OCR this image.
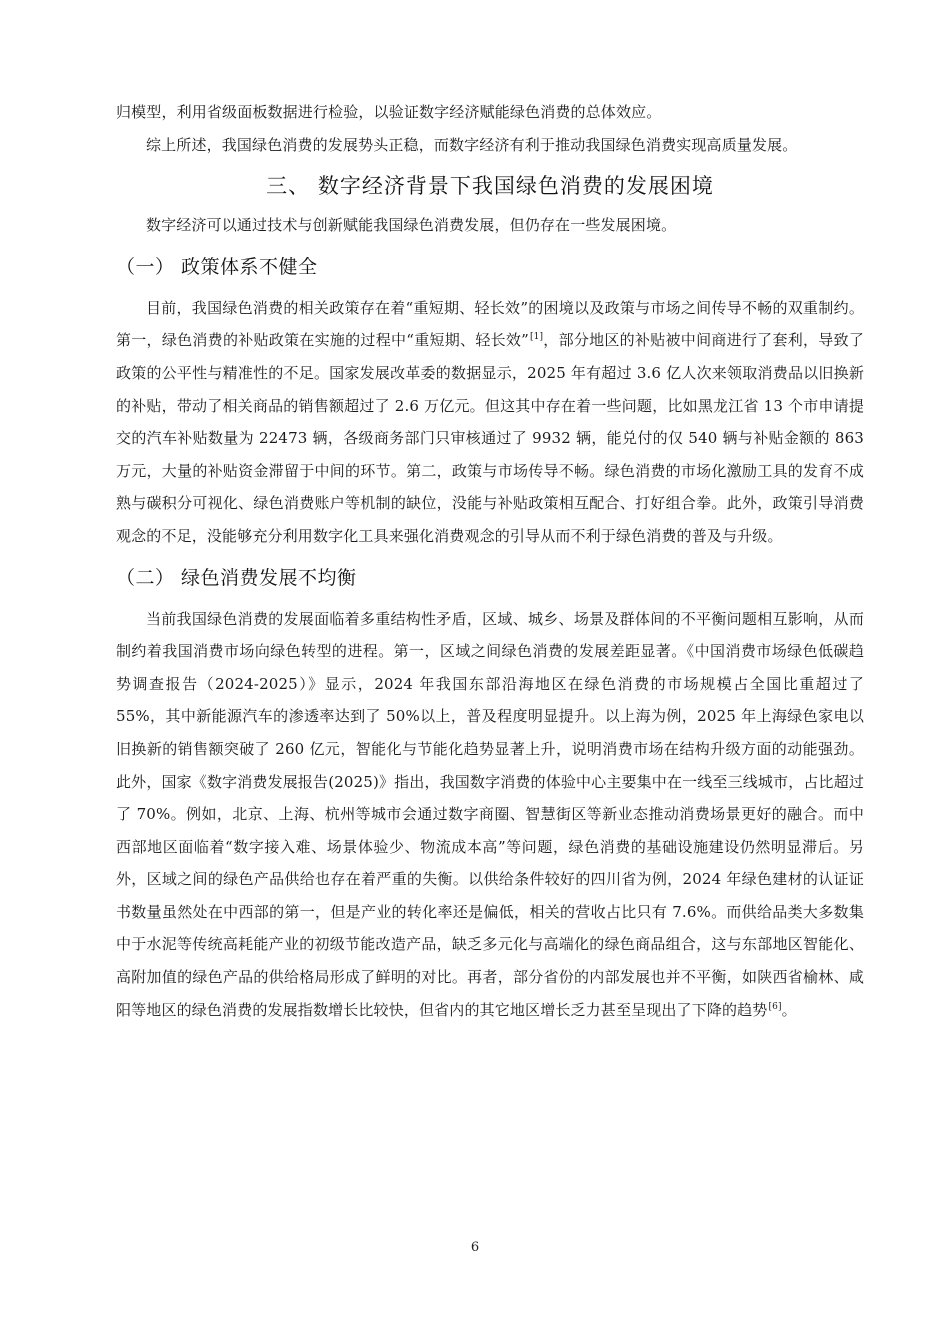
归模型，利用省级面板数据进行检验，以验证数字经济赋能绿色消费的总体效应。

综上所述，我国绿色消费的发展势头正稳，而数字经济有利于推动我国绿色消费实现高质量发展。

三、 数字经济背景下我国绿色消费的发展困境

数字经济可以通过技术与创新赋能我国绿色消费发展，但仍存在一些发展困境。

（一） 政策体系不健全

目前，我国绿色消费的相关政策存在着“重短期、轻长效”的困境以及政策与市场之间传导不畅的双重制约。第一，绿色消费的补贴政策在实施的过程中“重短期、轻长效”[1]，部分地区的补贴被中间商进行了套利，导致了政策的公平性与精准性的不足。国家发展改革委的数据显示，2025 年有超过 3.6 亿人次来领取消费品以旧换新的补贴，带动了相关商品的销售额超过了 2.6 万亿元。但这其中存在着一些问题，比如黑龙江省 13 个市申请提交的汽车补贴数量为 22473 辆，各级商务部门只审核通过了 9932 辆，能兑付的仅 540 辆与补贴金额的 863 万元，大量的补贴资金滞留于中间的环节。第二，政策与市场传导不畅。绿色消费的市场化激励工具的发育不成熟与碳积分可视化、绿色消费账户等机制的缺位，没能与补贴政策相互配合、打好组合拳。此外，政策引导消费观念的不足，没能够充分利用数字化工具来强化消费观念的引导从而不利于绿色消费的普及与升级。

（二） 绿色消费发展不均衡

当前我国绿色消费的发展面临着多重结构性矛盾，区域、城乡、场景及群体间的不平衡问题相互影响，从而制约着我国消费市场向绿色转型的进程。第一，区域之间绿色消费的发展差距显著。《中国消费市场绿色低碳趋势调查报告（2024-2025）》显示，2024 年我国东部沿海地区在绿色消费的市场规模占全国比重超过了 55%，其中新能源汽车的渗透率达到了 50%以上，普及程度明显提升。以上海为例，2025 年上海绿色家电以旧换新的销售额突破了 260 亿元，智能化与节能化趋势显著上升，说明消费市场在结构升级方面的动能强劲。此外，国家《数字消费发展报告(2025)》指出，我国数字消费的体验中心主要集中在一线至三线城市，占比超过了 70%。例如，北京、上海、杭州等城市会通过数字商圈、智慧街区等新业态推动消费场景更好的融合。而中西部地区面临着“数字接入难、场景体验少、物流成本高”等问题，绿色消费的基础设施建设仍然明显滞后。另外，区域之间的绿色产品供给也存在着严重的失衡。以供给条件较好的四川省为例，2024 年绿色建材的认证证书数量虽然处在中西部的第一，但是产业的转化率还是偏低，相关的营收占比只有 7.6%。而供给品类大多数集中于水泥等传统高耗能产业的初级节能改造产品，缺乏多元化与高端化的绿色商品组合，这与东部地区智能化、高附加值的绿色产品的供给格局形成了鲜明的对比。再者，部分省份的内部发展也并不平衡，如陕西省榆林、咸阳等地区的绿色消费的发展指数增长比较快，但省内的其它地区增长乏力甚至呈现出了下降的趋势[6]。

6
